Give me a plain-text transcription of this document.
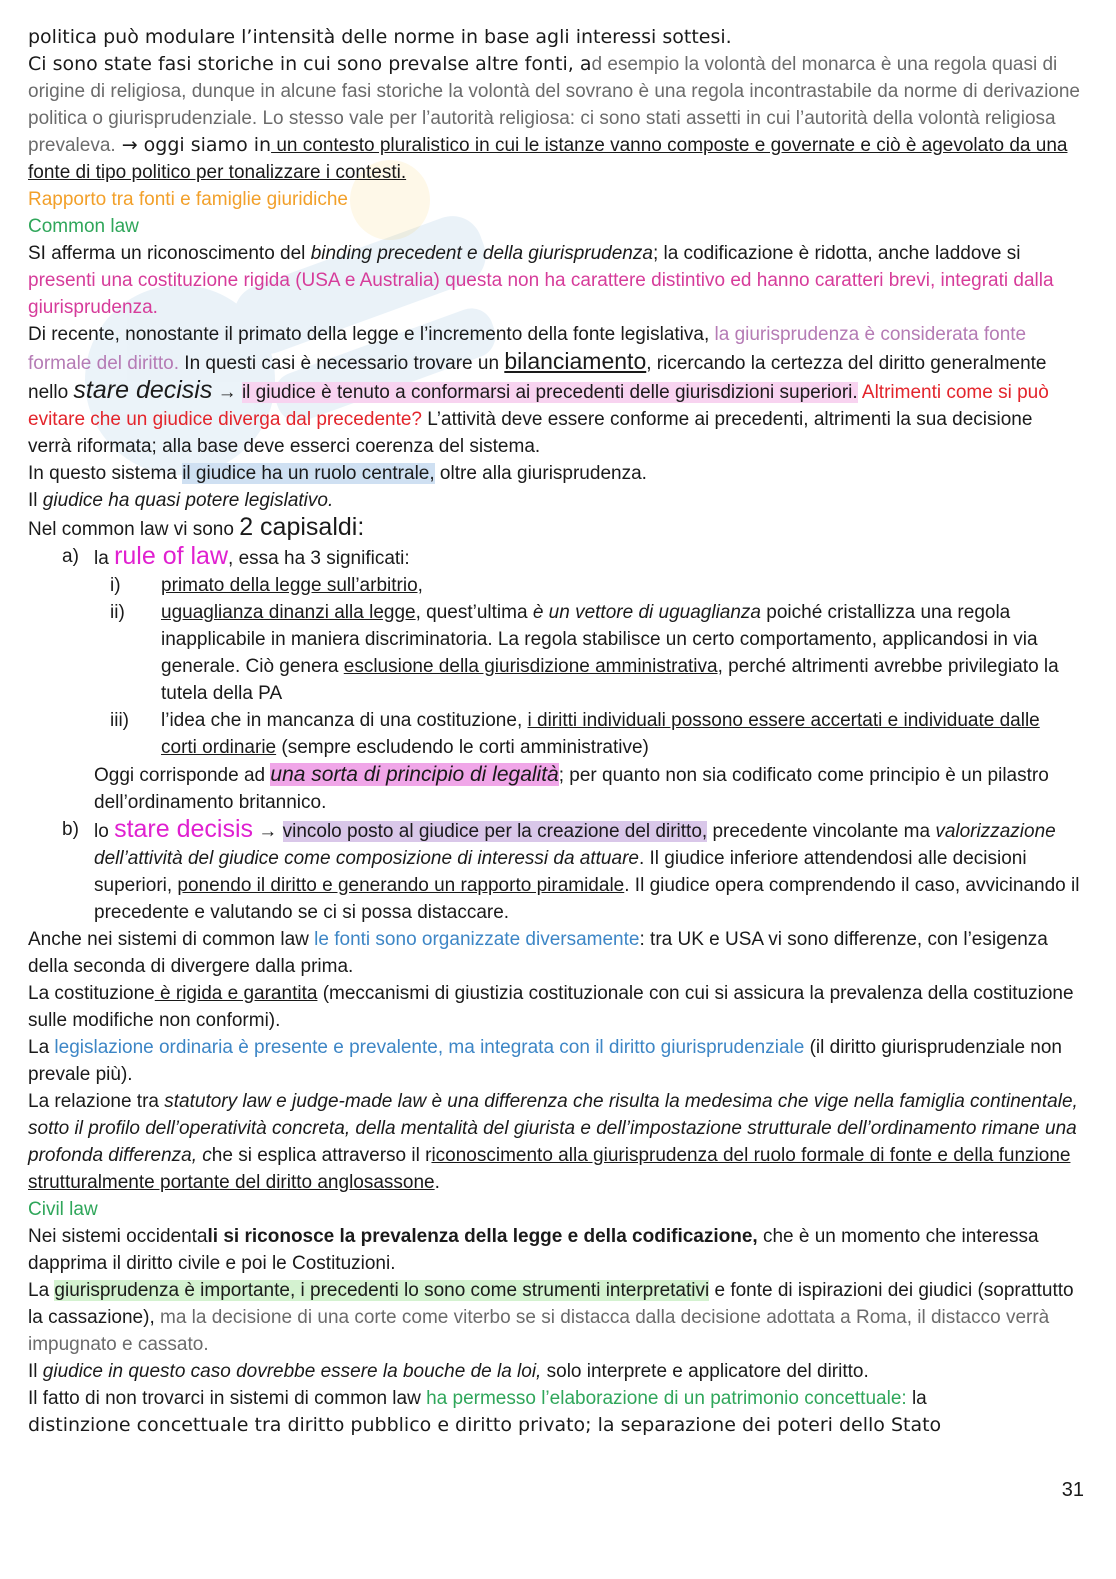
politica può modulare l’intensità delle norme in base agli interessi sottesi.

Ci sono state fasi storiche in cui sono prevalse altre fonti, ad esempio la volontà del monarca è una regola quasi di origine di religiosa, dunque in alcune fasi storiche la volontà del sovrano è una regola incontrastabile da norme di derivazione politica o giurisprudenziale. Lo stesso vale per l’autorità religiosa: ci sono stati assetti in cui l’autorità della volontà religiosa prevaleva. → oggi siamo in un contesto pluralistico in cui le istanze vanno composte e governate e ciò è agevolato da una fonte di tipo politico per tonalizzare i contesti.

Rapporto tra fonti e famiglie giuridiche

Common law

SI afferma un riconoscimento del binding precedent e della giurisprudenza; la codificazione è ridotta, anche laddove si presenti una costituzione rigida (USA e Australia) questa non ha carattere distintivo ed hanno caratteri brevi, integrati dalla giurisprudenza.

Di recente, nonostante il primato della legge e l’incremento della fonte legislativa, la giurisprudenza è considerata fonte formale del diritto. In questi casi è necessario trovare un bilanciamento, ricercando la certezza del diritto generalmente nello stare decisis → il giudice è tenuto a conformarsi ai precedenti delle giurisdizioni superiori. Altrimenti come si può evitare che un giudice diverga dal precedente? L’attività deve essere conforme ai precedenti, altrimenti la sua decisione verrà riformata; alla base deve esserci coerenza del sistema.

In questo sistema il giudice ha un ruolo centrale, oltre alla giurisprudenza.

Il giudice ha quasi potere legislativo.

Nel common law vi sono 2 capisaldi:

a) la rule of law, essa ha 3 significati:

i)	primato della legge sull’arbitrio,

ii)	uguaglianza dinanzi alla legge, quest’ultima è un vettore di uguaglianza poiché cristallizza una regola inapplicabile in maniera discriminatoria. La regola stabilisce un certo comportamento, applicandosi in via generale. Ciò genera esclusione della giurisdizione amministrativa, perché altrimenti avrebbe privilegiato la tutela della PA

iii)	l’idea che in mancanza di una costituzione, i diritti individuali possono essere accertati e individuate dalle corti ordinarie (sempre escludendo le corti amministrative)

Oggi corrisponde ad una sorta di principio di legalità; per quanto non sia codificato come principio è un pilastro dell’ordinamento britannico.

b) lo stare decisis → vincolo posto al giudice per la creazione del diritto, precedente vincolante ma valorizzazione dell’attività del giudice come composizione di interessi da attuare. Il giudice inferiore attendendosi alle decisioni superiori, ponendo il diritto e generando un rapporto piramidale. Il giudice opera comprendendo il caso, avvicinando il precedente e valutando se ci si possa distaccare.

Anche nei sistemi di common law le fonti sono organizzate diversamente: tra UK e USA vi sono differenze, con l’esigenza della seconda di divergere dalla prima.

La costituzione è rigida e garantita (meccanismi di giustizia costituzionale con cui si assicura la prevalenza della costituzione sulle modifiche non conformi).

La legislazione ordinaria è presente e prevalente, ma integrata con il diritto giurisprudenziale (il diritto giurisprudenziale non prevale più).

La relazione tra statutory law e judge-made law è una differenza che risulta la medesima che vige nella famiglia continentale, sotto il profilo dell’operatività concreta, della mentalità del giurista e dell’impostazione strutturale dell’ordinamento rimane una profonda differenza, che si esplica attraverso il riconoscimento alla giurisprudenza del ruolo formale di fonte e della funzione strutturalmente portante del diritto anglosassone.

Civil law

Nei sistemi occidentali si riconosce la prevalenza della legge e della codificazione, che è un momento che interessa dapprima il diritto civile e poi le Costituzioni.

La giurisprudenza è importante, i precedenti lo sono come strumenti interpretativi e fonte di ispirazioni dei giudici (soprattutto la cassazione), ma la decisione di una corte come viterbo se si distacca dalla decisione adottata a Roma, il distacco verrà impugnato e cassato.

Il giudice in questo caso dovrebbe essere la bouche de la loi, solo interprete e applicatore del diritto.

Il fatto di non trovarci in sistemi di common law ha permesso l’elaborazione di un patrimonio concettuale: la
distinzione concettuale tra diritto pubblico e diritto privato; la separazione dei poteri dello Stato

31
